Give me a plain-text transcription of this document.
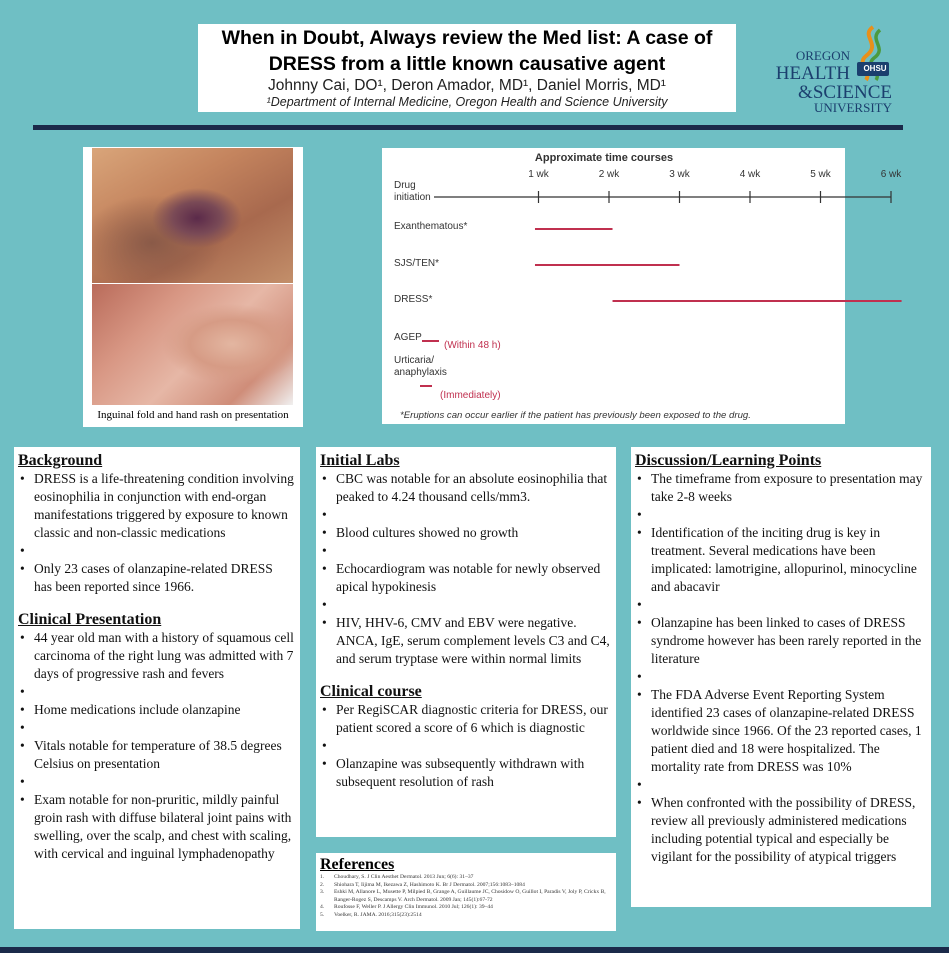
When in Doubt, Always review the Med list: A case of
DRESS from a little known causative agent
Johnny Cai, DO¹, Deron Amador, MD¹, Daniel Morris, MD¹
¹Department of Internal Medicine, Oregon Health and Science University
OHSU
OREGON
HEALTH
&SCIENCE
UNIVERSITY
Inguinal fold and hand rash on presentation
Approximate time courses
Drug
initiation
1 wk	2 wk	3 wk	4 wk	5 wk	6 wk
Exanthematous*
SJS/TEN*
DRESS*
AGEP
(Within 48 h)
Urticaria/
anaphylaxis
(Immediately)
*Eruptions can occur earlier if the patient has previously been exposed to the drug.
Background
• DRESS is a life-threatening condition involving eosinophilia in conjunction with end-organ manifestations triggered by exposure to known classic and non-classic medications
•
• Only 23 cases of olanzapine-related DRESS has been reported since 1966.
Clinical Presentation
• 44 year old man with a history of squamous cell carcinoma of the right lung was admitted with 7 days of progressive rash and fevers
•
• Home medications include olanzapine
•
• Vitals notable for temperature of 38.5 degrees Celsius on presentation
•
• Exam notable for non-pruritic, mildly painful groin rash with diffuse bilateral joint pains with swelling, over the scalp, and chest with scaling, with cervical and inguinal lymphadenopathy
Initial Labs
• CBC was notable for an absolute eosinophilia that peaked to 4.24 thousand cells/mm3.
•
• Blood cultures showed no growth
•
• Echocardiogram was notable for newly observed apical hypokinesis
•
• HIV, HHV-6, CMV and EBV were negative. ANCA, IgE, serum complement levels C3 and C4, and serum tryptase were within normal limits
Clinical course
• Per RegiSCAR diagnostic criteria for DRESS, our patient scored a score of 6 which is diagnostic
•
• Olanzapine was subsequently withdrawn with subsequent resolution of rash
References
1. Choudhary, S. J Clin Aesthet Dermatol. 2013 Jun; 6(6): 31–37
2. Shiohara T, Iijima M, Ikezawa Z, Hashimoto K. Br J Dermatol. 2007;156:1083–1084
3. Eshki M, Allanore L, Musette P, Milpied B, Grange A, Guillaume JC, Chosidow O, Guillot I, Paradis V, Joly P, Crickx B, Ranger-Rogez S, Descamps V. Arch Dermatol. 2009 Jan; 145(1):67-72
4. Roufosse F, Weller P. J Allergy Clin Immunol. 2010 Jul; 126(1): 39–44
5. Voelker, R. JAMA. 2016;315(23):2514
Discussion/Learning Points
• The timeframe from exposure to presentation may take 2-8 weeks
•
• Identification of the inciting drug is key in treatment. Several medications have been implicated: lamotrigine, allopurinol, minocycline and abacavir
•
• Olanzapine has been linked to cases of DRESS syndrome however has been rarely reported in the literature
•
• The FDA Adverse Event Reporting System identified 23 cases of olanzapine-related DRESS worldwide since 1966. Of the 23 reported cases, 1 patient died and 18 were hospitalized. The mortality rate from DRESS was 10%
•
• When confronted with the possibility of DRESS, review all previously administered medications including potential typical and especially be vigilant for the possibility of atypical triggers
